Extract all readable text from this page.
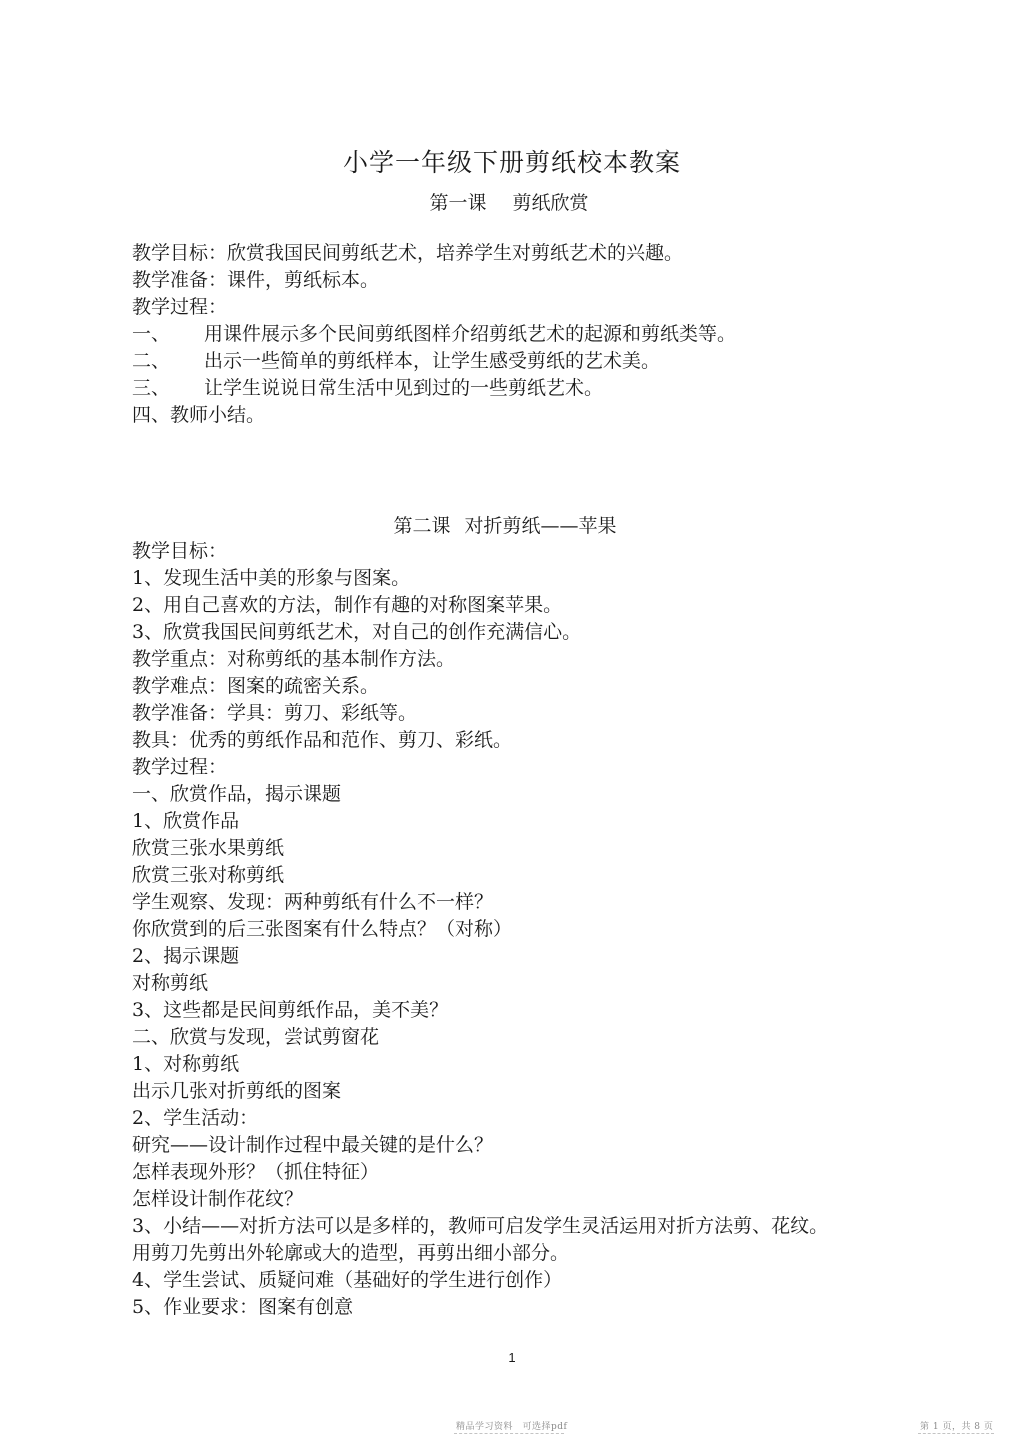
小学一年级下册剪纸校本教案
第一课 剪纸欣赏
教学目标：欣赏我国民间剪纸艺术，培养学生对剪纸艺术的兴趣。
教学准备：课件，剪纸标本。
教学过程：
一、 用课件展示多个民间剪纸图样介绍剪纸艺术的起源和剪纸类等。
二、 出示一些简单的剪纸样本，让学生感受剪纸的艺术美。
三、 让学生说说日常生活中见到过的一些剪纸艺术。
四、教师小结。
第二课 对折剪纸——苹果
教学目标：
1、发现生活中美的形象与图案。
2、用自己喜欢的方法，制作有趣的对称图案苹果。
3、欣赏我国民间剪纸艺术，对自己的创作充满信心。
教学重点：对称剪纸的基本制作方法。
教学难点：图案的疏密关系。
教学准备：学具：剪刀、彩纸等。
教具：优秀的剪纸作品和范作、剪刀、彩纸。
教学过程：
一、欣赏作品，揭示课题
1、欣赏作品
欣赏三张水果剪纸
欣赏三张对称剪纸
学生观察、发现：两种剪纸有什么不一样？
你欣赏到的后三张图案有什么特点？（对称）
2、揭示课题
对称剪纸
3、这些都是民间剪纸作品，美不美？
二、欣赏与发现，尝试剪窗花
1、对称剪纸
出示几张对折剪纸的图案
2、学生活动：
研究——设计制作过程中最关键的是什么？
怎样表现外形？（抓住特征）
怎样设计制作花纹？
3、小结——对折方法可以是多样的，教师可启发学生灵活运用对折方法剪、花纹。
用剪刀先剪出外轮廓或大的造型，再剪出细小部分。
4、学生尝试、质疑问难（基础好的学生进行创作）
5、作业要求：图案有创意
1
精品学习资料　可选择pdf	第 1 页，共 8 页
